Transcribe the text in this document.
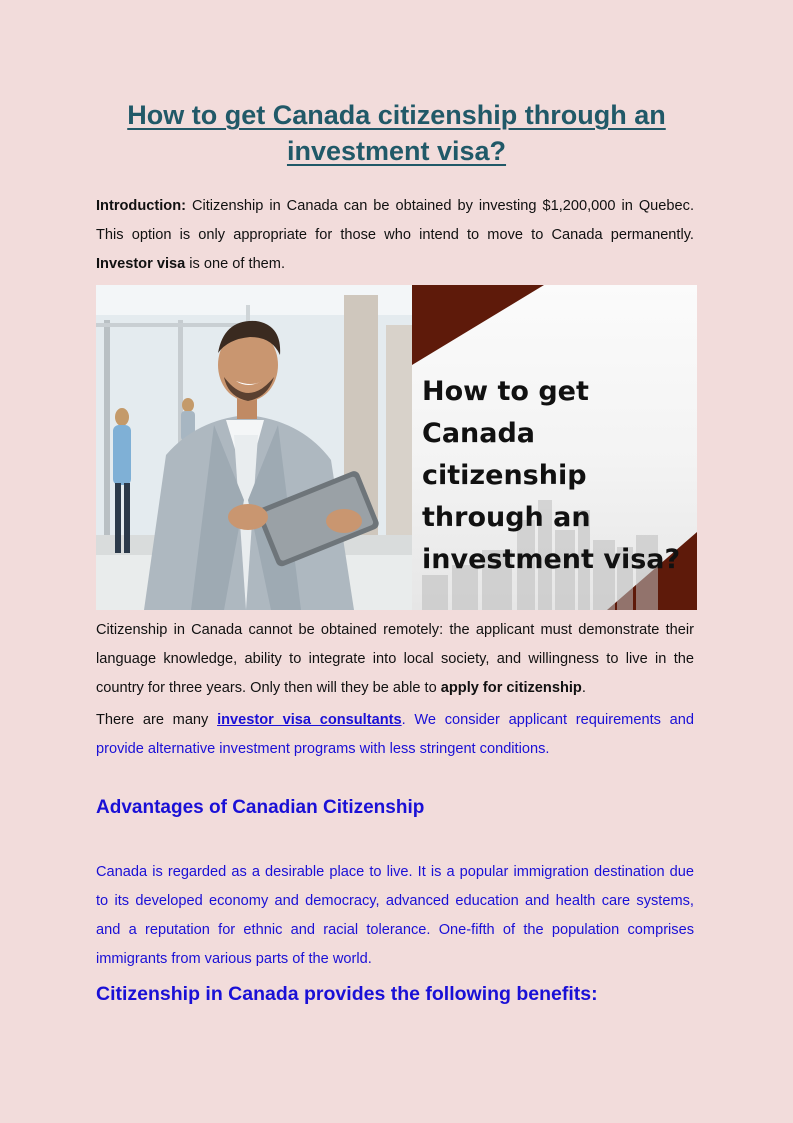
How to get Canada citizenship through an investment visa?

Introduction: Citizenship in Canada can be obtained by investing $1,200,000 in Quebec. This option is only appropriate for those who intend to move to Canada permanently. Investor visa is one of them.

How to get Canada citizenship through an investment visa?

Citizenship in Canada cannot be obtained remotely: the applicant must demonstrate their language knowledge, ability to integrate into local society, and willingness to live in the country for three years. Only then will they be able to apply for citizenship.

There are many investor visa consultants. We consider applicant requirements and provide alternative investment programs with less stringent conditions.

Advantages of Canadian Citizenship

Canada is regarded as a desirable place to live. It is a popular immigration destination due to its developed economy and democracy, advanced education and health care systems, and a reputation for ethnic and racial tolerance. One-fifth of the population comprises immigrants from various parts of the world.

Citizenship in Canada provides the following benefits:
